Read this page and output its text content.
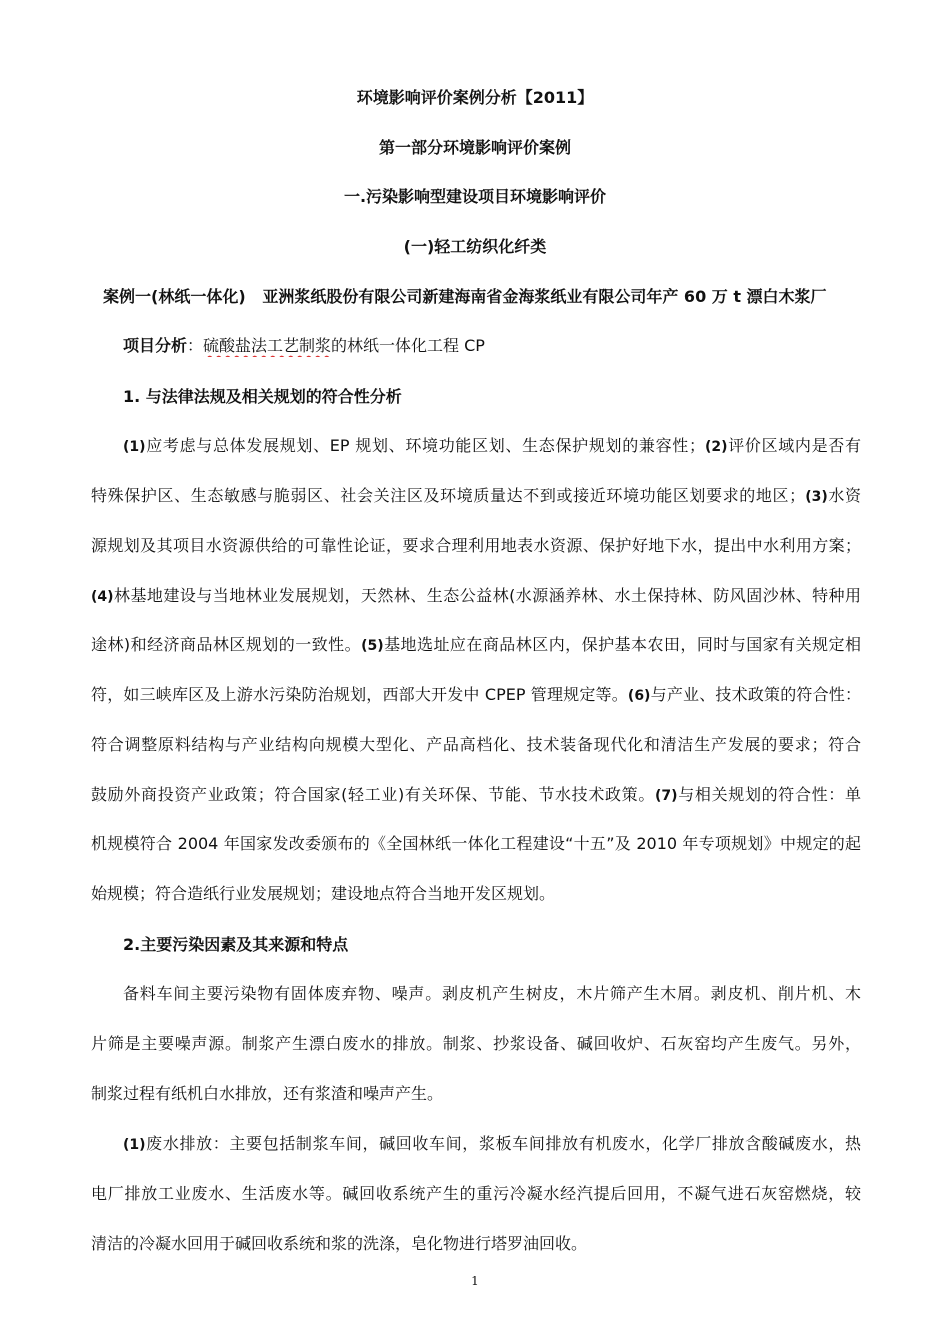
环境影响评价案例分析【2011】
第一部分环境影响评价案例
一.污染影响型建设项目环境影响评价
(一)轻工纺织化纤类
案例一(林纸一体化) 亚洲浆纸股份有限公司新建海南省金海浆纸业有限公司年产 60 万 t 漂白木浆厂
项目分析：硫酸盐法工艺制浆的林纸一体化工程 CP
1. 与法律法规及相关规划的符合性分析
(1)应考虑与总体发展规划、EP 规划、环境功能区划、生态保护规划的兼容性；(2)评价区域内是否有
特殊保护区、生态敏感与脆弱区、社会关注区及环境质量达不到或接近环境功能区划要求的地区；(3)水资
源规划及其项目水资源供给的可靠性论证，要求合理利用地表水资源、保护好地下水，提出中水利用方案；
(4)林基地建设与当地林业发展规划，天然林、生态公益林(水源涵养林、水土保持林、防风固沙林、特种用
途林)和经济商品林区规划的一致性。(5)基地选址应在商品林区内，保护基本农田，同时与国家有关规定相
符，如三峡库区及上游水污染防治规划，西部大开发中 CPEP 管理规定等。(6)与产业、技术政策的符合性：
符合调整原料结构与产业结构向规模大型化、产品高档化、技术装备现代化和清洁生产发展的要求；符合
鼓励外商投资产业政策；符合国家(轻工业)有关环保、节能、节水技术政策。(7)与相关规划的符合性：单
机规模符合 2004 年国家发改委颁布的《全国林纸一体化工程建设“十五”及 2010 年专项规划》中规定的起
始规模；符合造纸行业发展规划；建设地点符合当地开发区规划。
2.主要污染因素及其来源和特点
备料车间主要污染物有固体废弃物、噪声。剥皮机产生树皮，木片筛产生木屑。剥皮机、削片机、木
片筛是主要噪声源。制浆产生漂白废水的排放。制浆、抄浆设备、碱回收炉、石灰窑均产生废气。另外，
制浆过程有纸机白水排放，还有浆渣和噪声产生。
(1)废水排放：主要包括制浆车间，碱回收车间，浆板车间排放有机废水，化学厂排放含酸碱废水，热
电厂排放工业废水、生活废水等。碱回收系统产生的重污冷凝水经汽提后回用，不凝气进石灰窑燃烧，较
清洁的冷凝水回用于碱回收系统和浆的洗涤，皂化物进行塔罗油回收。
1
